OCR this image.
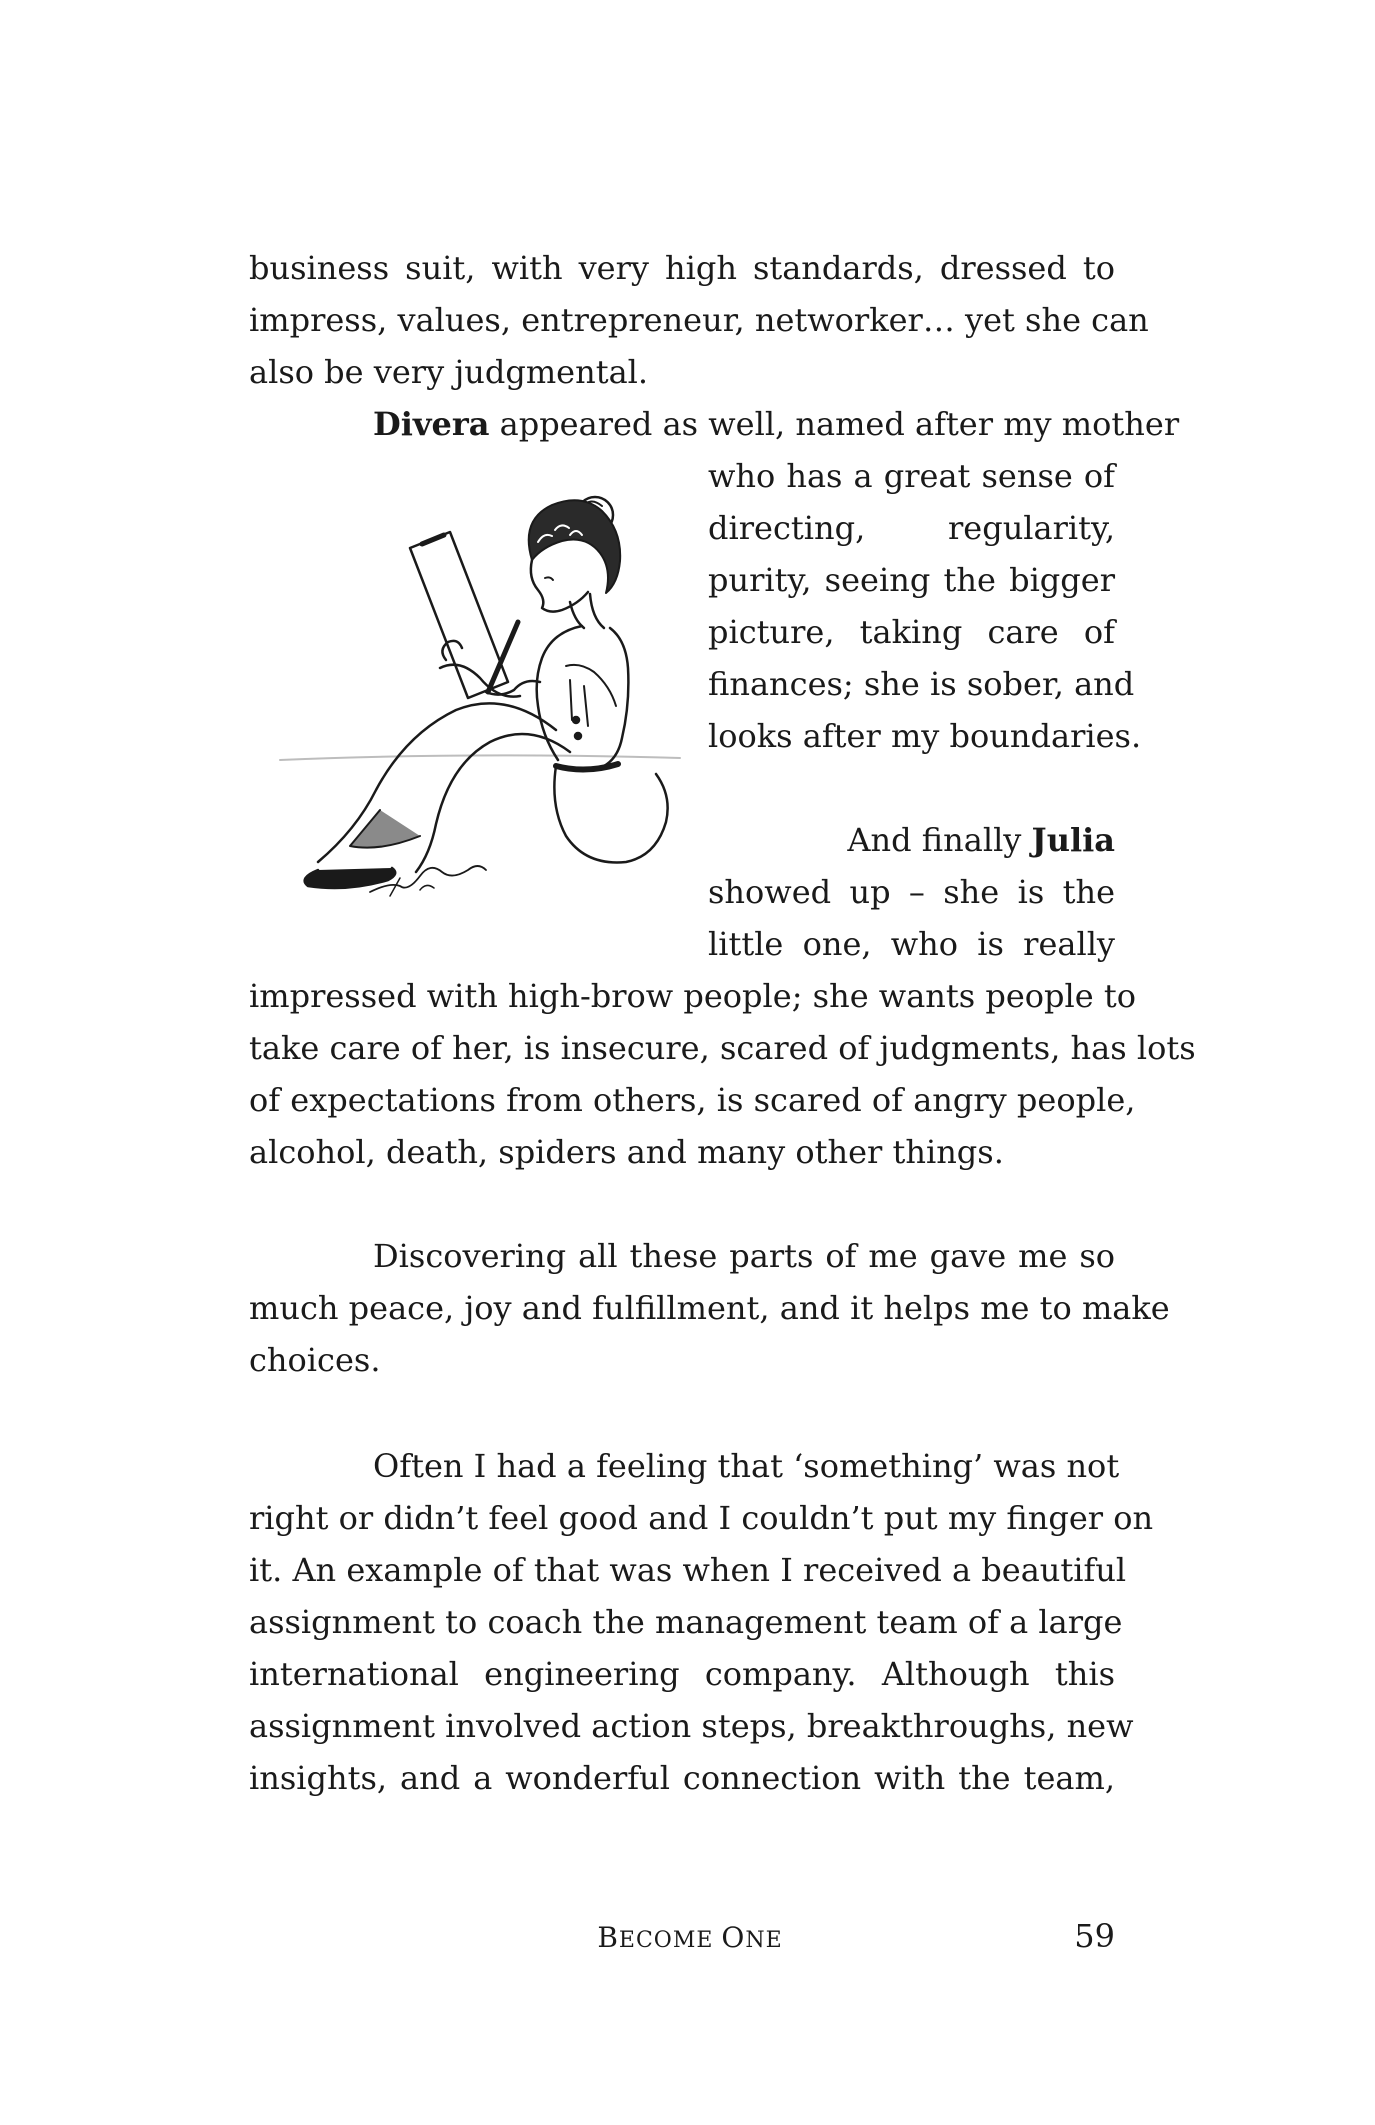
business suit, with very high standards, dressed to
impress, values, entrepreneur, networker… yet she can
also be very judgmental.
Divera appeared as well, named after my mother
who has a great sense of
directing, regularity,
purity, seeing the bigger
picture, taking care of
finances; she is sober, and
looks after my boundaries.
And finally Julia
showed up – she is the
little one, who is really
impressed with high-brow people; she wants people to
take care of her, is insecure, scared of judgments, has lots
of expectations from others, is scared of angry people,
alcohol, death, spiders and many other things.
Discovering all these parts of me gave me so
much peace, joy and fulfillment, and it helps me to make
choices.
Often I had a feeling that ‘something’ was not
right or didn’t feel good and I couldn’t put my finger on
it. An example of that was when I received a beautiful
assignment to coach the management team of a large
international engineering company. Although this
assignment involved action steps, breakthroughs, new
insights, and a wonderful connection with the team,
BECOME ONE	59
